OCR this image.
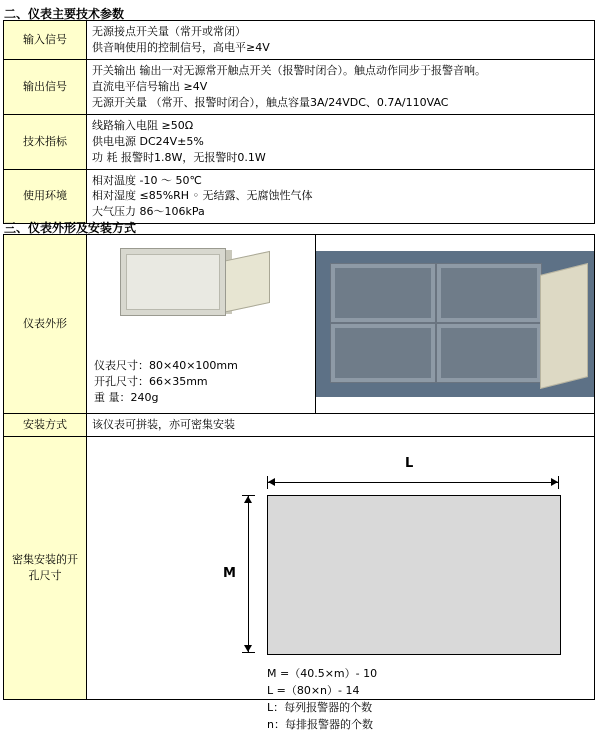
二、仪表主要技术参数
输入信号	无源接点开关量（常开或常闭）
供音响使用的控制信号，高电平≥4V

输出信号	开关输出 输出一对无源常开触点开关（报警时闭合）。触点动作同步于报警音响。
直流电平信号输出 ≥4V
无源开关量 （常开、报警时闭合），触点容量3A/24VDC、0.7A/110VAC

技术指标	线路输入电阻 ≥50Ω
供电电源 DC24V±5%
功 耗 报警时1.8W，无报警时0.1W

使用环境	相对温度 -10 ～ 50℃
相对湿度 ≤85%RH ◦ 无结露、无腐蚀性气体
大气压力 86～106kPa
三、仪表外形及安装方式
仪表外形	仪表尺寸：80×40×100mm
开孔尺寸：66×35mm
重 量：240g	

安装方式	该仪表可拼装，亦可密集安装	
密集安装的开孔尺寸	
L
M
M =（40.5×m）- 10
L =（80×n）- 14
L：每列报警器的个数
n：每排报警器的个数
